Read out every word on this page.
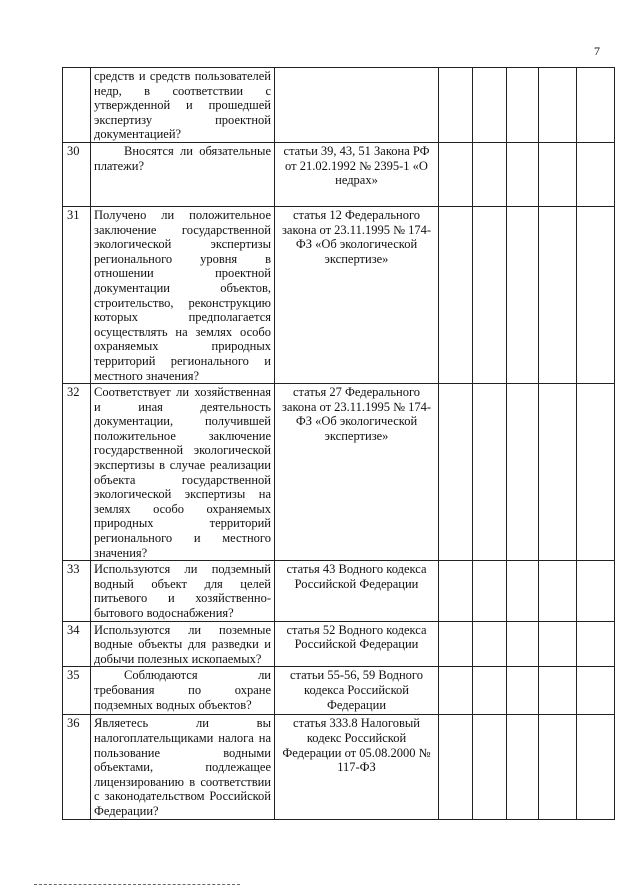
7
	средств и средств пользователей недр, в соответствии с утвержденной и прошедшей экспертизу проектной документацией?						
30	Вносятся ли обязательные платежи?	статьи 39, 43, 51 Закона РФ от 21.02.1992 № 2395-1 «О недрах»					
31	Получено ли положительное заключение государственной экологической экспертизы регионального уровня в отношении проектной документации объектов, строительство, реконструкцию которых предполагается осуществлять на землях особо охраняемых природных территорий регионального и местного значения?	статья 12 Федерального закона от 23.11.1995 № 174-ФЗ «Об экологической экспертизе»					
32	Соответствует ли хозяйственная и иная деятельность документации, получившей положительное заключение государственной экологической экспертизы в случае реализации объекта государственной экологической экспертизы на землях особо охраняемых природных территорий регионального и местного значения?	статья 27 Федерального закона от 23.11.1995 № 174-ФЗ «Об экологической экспертизе»					
33	Используются ли подземный водный объект для целей питьевого и хозяйственно-бытового водоснабжения?	статья 43 Водного кодекса Российской Федерации					
34	Используются ли поземные водные объекты для разведки и добычи полезных ископаемых?	статья 52 Водного кодекса Российской Федерации					
35	Соблюдаются ли требования по охране подземных водных объектов?	статьи 55-56, 59 Водного кодекса Российской Федерации					
36	Являетесь ли вы налогоплательщиками налога на пользование водными объектами, подлежащее лицензированию в соответствии с законодательством Российской Федерации?	статья 333.8 Налоговый кодекс Российской Федерации от 05.08.2000 № 117-ФЗ					
